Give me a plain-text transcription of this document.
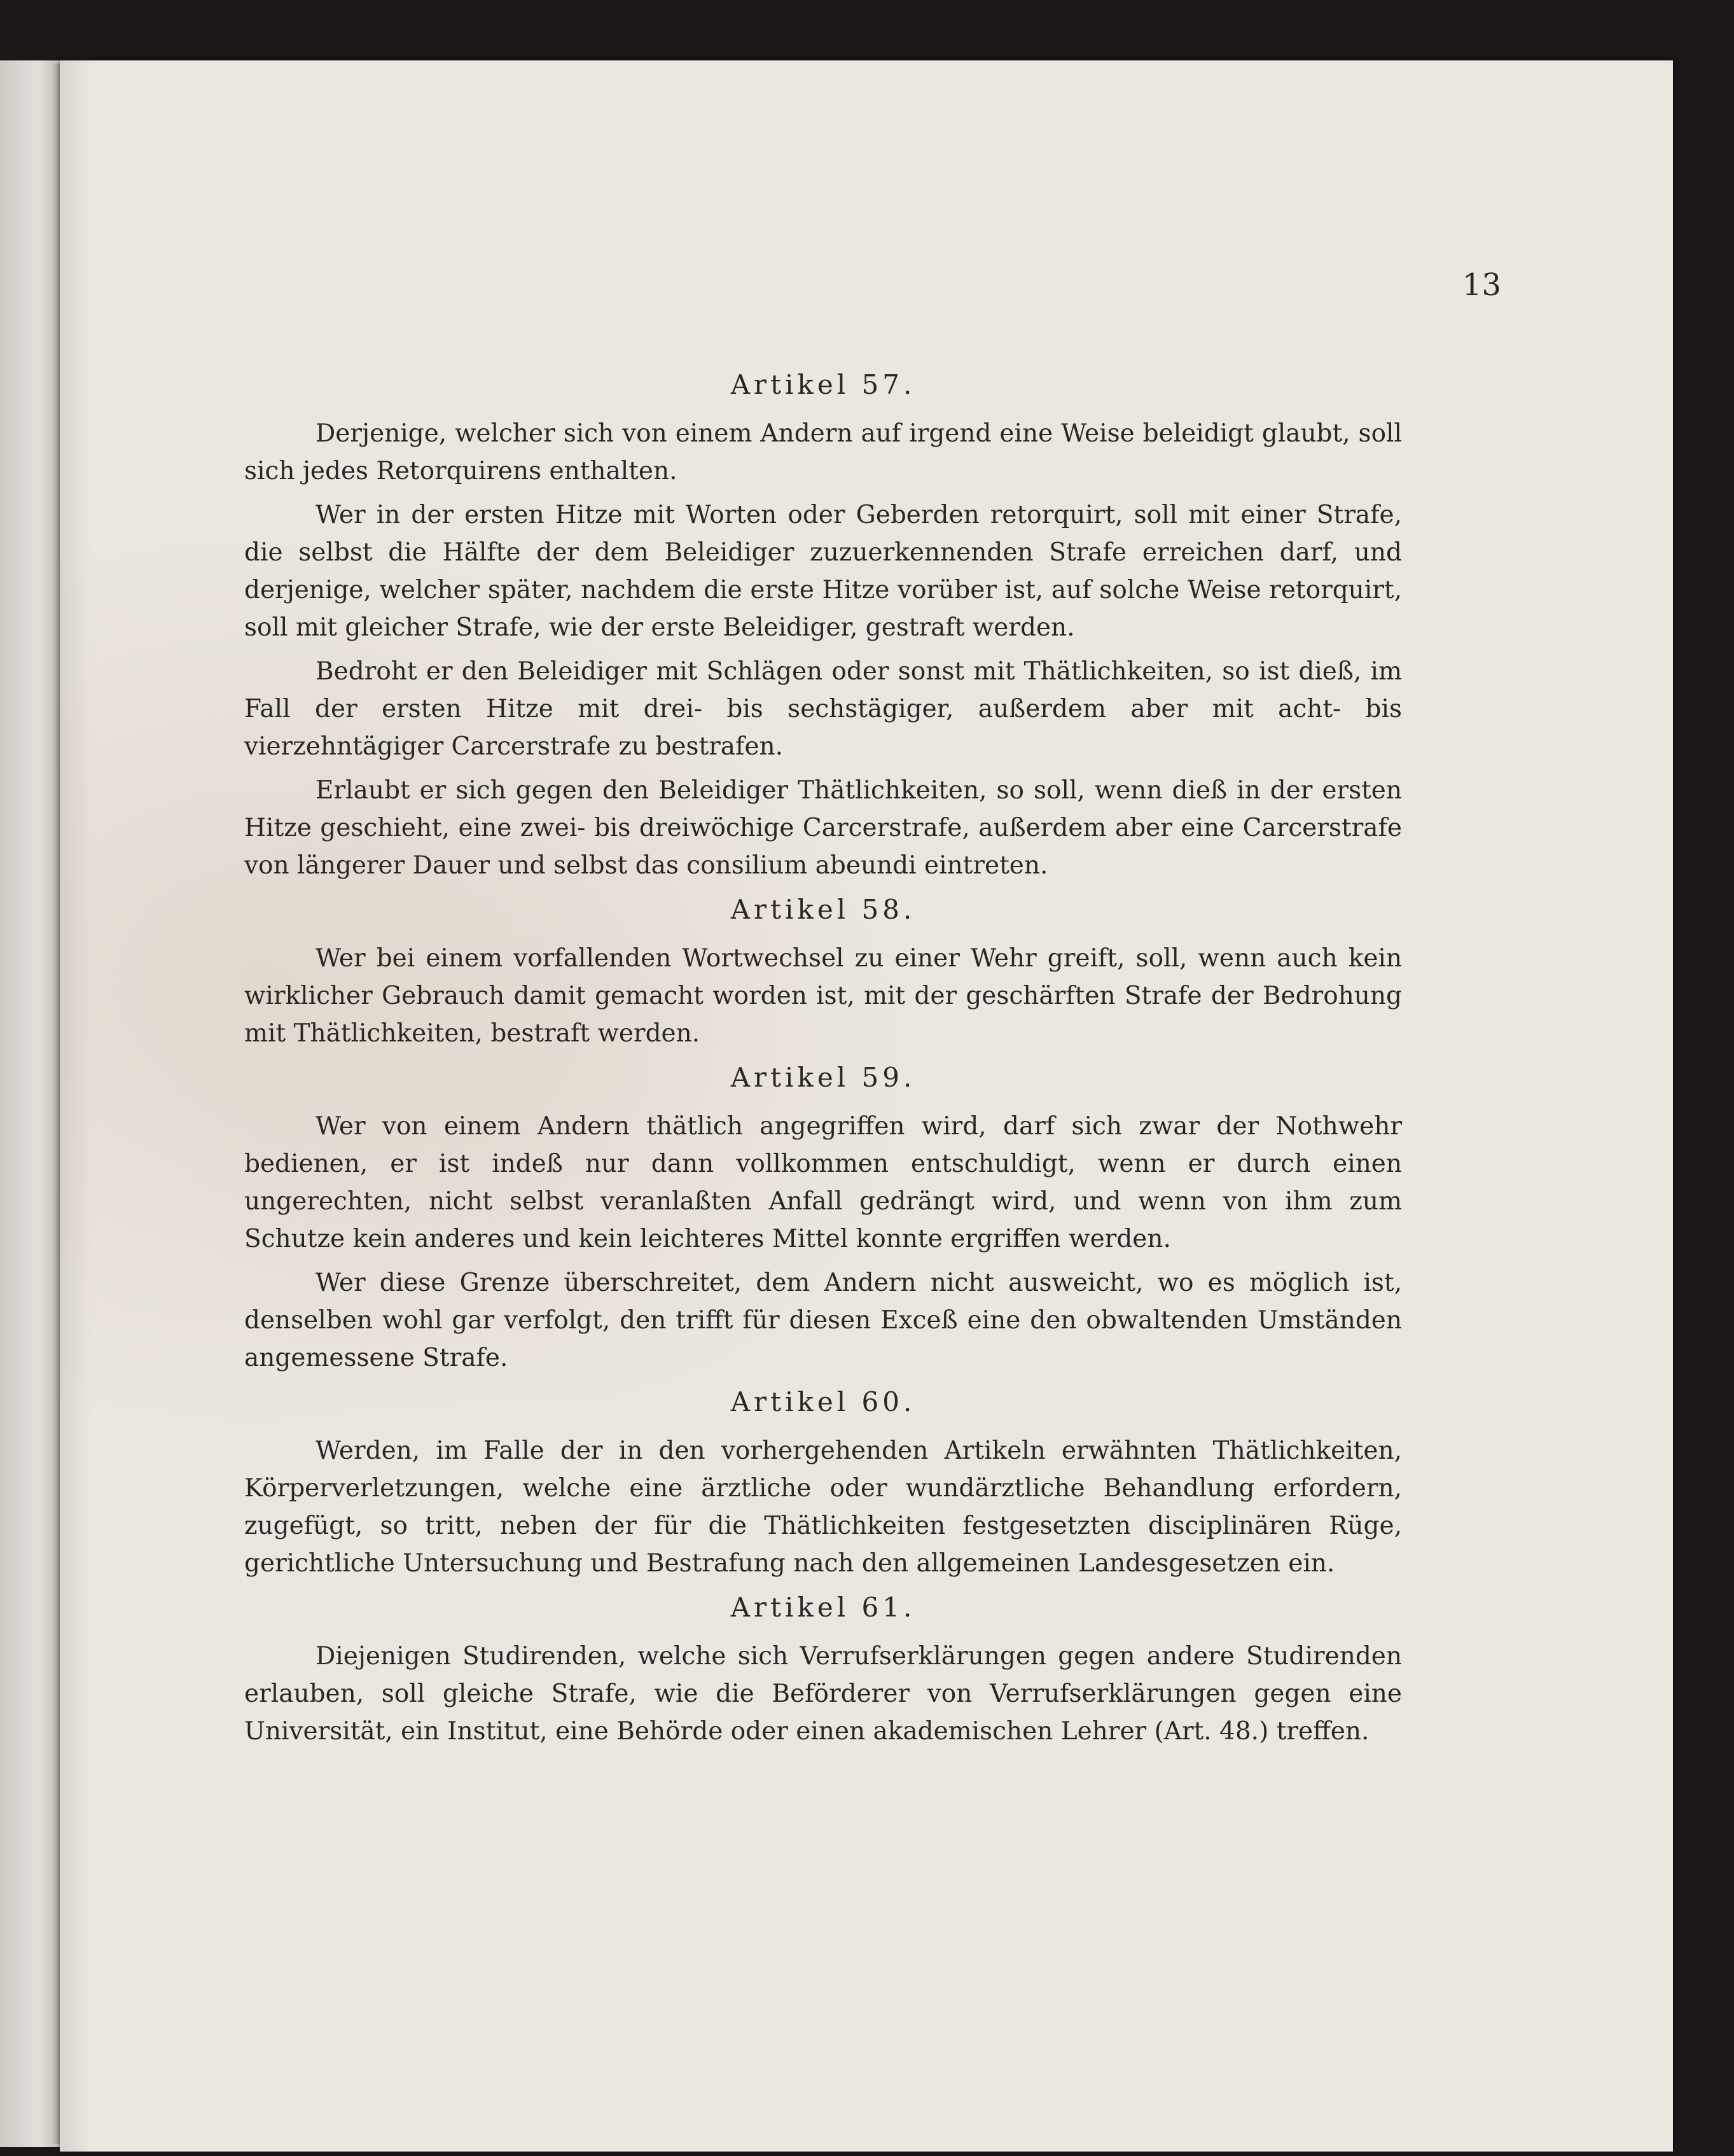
13
Artikel 57.

Derjenige, welcher sich von einem Andern auf irgend eine Weise beleidigt glaubt, soll sich jedes Retorquirens enthalten.

Wer in der ersten Hitze mit Worten oder Geberden retorquirt, soll mit einer Strafe, die selbst die Hälfte der dem Beleidiger zuzuerkennenden Strafe erreichen darf, und derjenige, welcher später, nachdem die erste Hitze vorüber ist, auf solche Weise retorquirt, soll mit gleicher Strafe, wie der erste Beleidiger, gestraft werden.

Bedroht er den Beleidiger mit Schlägen oder sonst mit Thätlichkeiten, so ist dieß, im Fall der ersten Hitze mit drei- bis sechstägiger, außerdem aber mit acht- bis vierzehntägiger Carcerstrafe zu bestrafen.

Erlaubt er sich gegen den Beleidiger Thätlichkeiten, so soll, wenn dieß in der ersten Hitze geschieht, eine zwei- bis dreiwöchige Carcerstrafe, außerdem aber eine Carcerstrafe von längerer Dauer und selbst das consilium abeundi eintreten.

Artikel 58.

Wer bei einem vorfallenden Wortwechsel zu einer Wehr greift, soll, wenn auch kein wirklicher Gebrauch damit gemacht worden ist, mit der geschärften Strafe der Bedrohung mit Thätlichkeiten, bestraft werden.

Artikel 59.

Wer von einem Andern thätlich angegriffen wird, darf sich zwar der Nothwehr bedienen, er ist indeß nur dann vollkommen entschuldigt, wenn er durch einen ungerechten, nicht selbst veranlaßten Anfall gedrängt wird, und wenn von ihm zum Schutze kein anderes und kein leichteres Mittel konnte ergriffen werden.

Wer diese Grenze überschreitet, dem Andern nicht ausweicht, wo es möglich ist, denselben wohl gar verfolgt, den trifft für diesen Exceß eine den obwaltenden Umständen angemessene Strafe.

Artikel 60.

Werden, im Falle der in den vorhergehenden Artikeln erwähnten Thätlichkeiten, Körperverletzungen, welche eine ärztliche oder wundärztliche Behandlung erfordern, zugefügt, so tritt, neben der für die Thätlichkeiten festgesetzten disciplinären Rüge, gerichtliche Untersuchung und Bestrafung nach den allgemeinen Landesgesetzen ein.

Artikel 61.

Diejenigen Studirenden, welche sich Verrufserklärungen gegen andere Studirenden erlauben, soll gleiche Strafe, wie die Beförderer von Verrufserklärungen gegen eine Universität, ein Institut, eine Behörde oder einen akademischen Lehrer (Art. 48.) treffen.
